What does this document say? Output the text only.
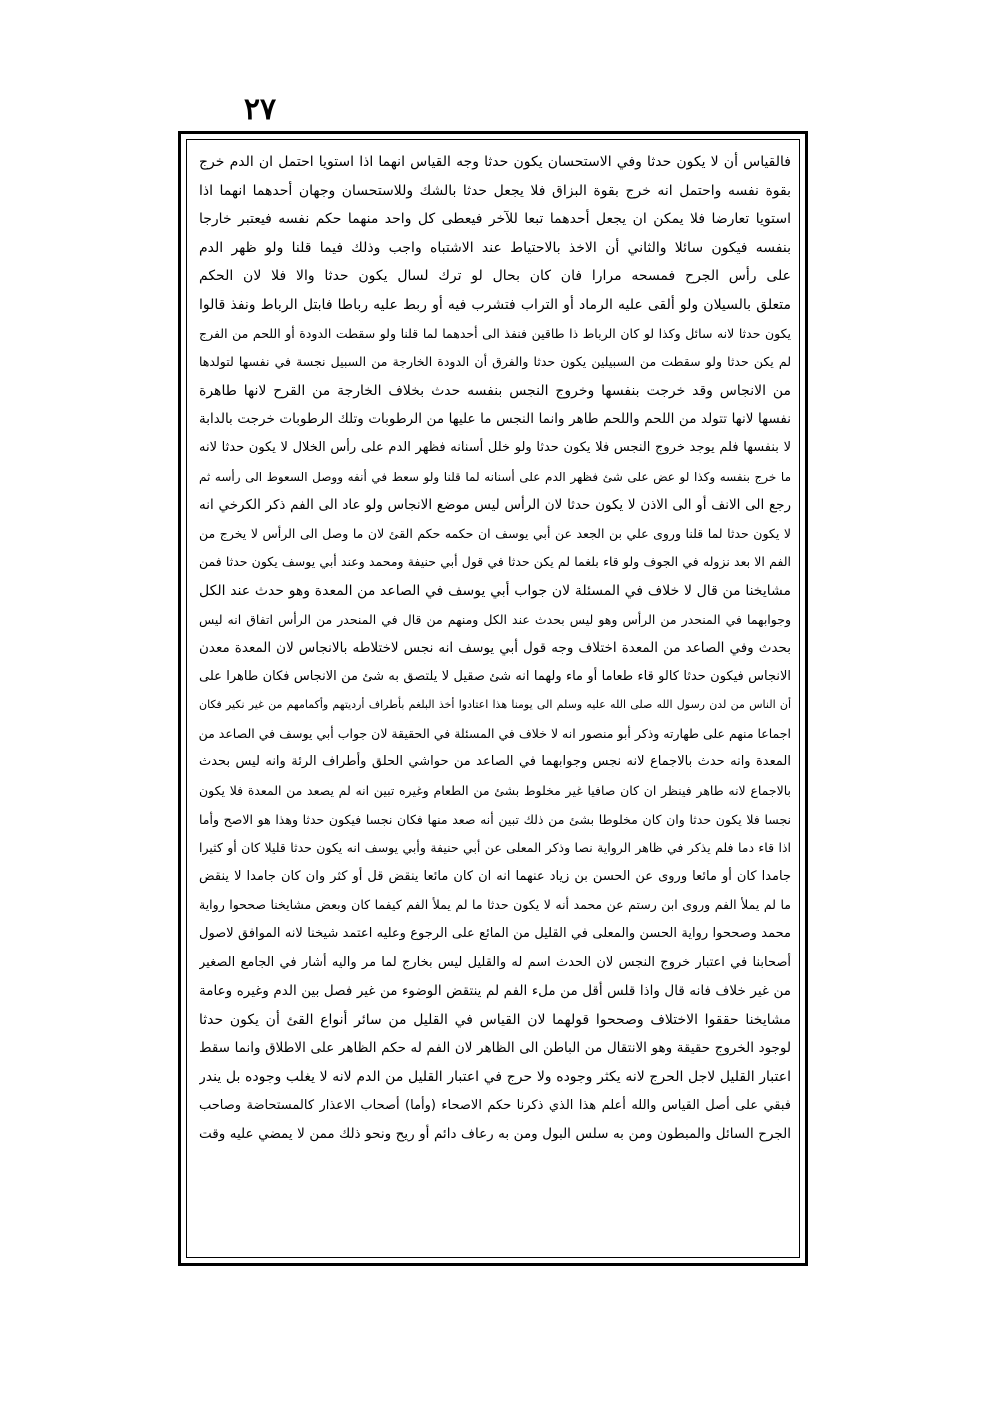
٢٧
فالقياس أن لا يكون حدثا وفي الاستحسان يكون حدثا وجه القياس انهما اذا استويا احتمل ان الدم خرج
بقوة نفسه واحتمل انه خرج بقوة البزاق فلا يجعل حدثا بالشك وللاستحسان وجهان أحدهما انهما اذا
استويا تعارضا فلا يمكن ان يجعل أحدهما تبعا للآخر فيعطى كل واحد منهما حكم نفسه فيعتبر خارجا
بنفسه فيكون سائلا والثاني أن الاخذ بالاحتياط عند الاشتباه واجب وذلك فيما قلنا ولو ظهر الدم
على رأس الجرح فمسحه مرارا فان كان بحال لو ترك لسال يكون حدثا والا فلا لان الحكم
متعلق بالسيلان ولو ألقى عليه الرماد أو التراب فتشرب فيه أو ربط عليه رباطا فابتل الرباط ونفذ قالوا
يكون حدثا لانه سائل وكذا لو كان الرباط ذا طاقين فنفذ الى أحدهما لما قلنا ولو سقطت الدودة أو اللحم من الفرج
لم يكن حدثا ولو سقطت من السبيلين يكون حدثا والفرق أن الدودة الخارجة من السبيل نجسة في نفسها لتولدها
من الانجاس وقد خرجت بنفسها وخروج النجس بنفسه حدث بخلاف الخارجة من القرح لانها طاهرة
نفسها لانها تتولد من اللحم واللحم طاهر وانما النجس ما عليها من الرطوبات وتلك الرطوبات خرجت بالدابة
لا بنفسها فلم يوجد خروج النجس فلا يكون حدثا ولو خلل أسنانه فظهر الدم على رأس الخلال لا يكون حدثا لانه
ما خرج بنفسه وكذا لو عض على شئ فظهر الدم على أسنانه لما قلنا ولو سعط في أنفه ووصل السعوط الى رأسه ثم
رجع الى الانف أو الى الاذن لا يكون حدثا لان الرأس ليس موضع الانجاس ولو عاد الى الفم ذكر الكرخي انه
لا يكون حدثا لما قلنا وروى علي بن الجعد عن أبي يوسف ان حكمه حكم القئ لان ما وصل الى الرأس لا يخرج من
الفم الا بعد نزوله في الجوف ولو قاء بلغما لم يكن حدثا في قول أبي حنيفة ومحمد وعند أبي يوسف يكون حدثا فمن
مشايخنا من قال لا خلاف في المسئلة لان جواب أبي يوسف في الصاعد من المعدة وهو حدث عند الكل
وجوابهما في المنحدر من الرأس وهو ليس بحدث عند الكل ومنهم من قال في المنحدر من الرأس اتفاق انه ليس
بحدث وفي الصاعد من المعدة اختلاف وجه قول أبي يوسف انه نجس لاختلاطه بالانجاس لان المعدة معدن
الانجاس فيكون حدثا كالو قاء طعاما أو ماء ولهما انه شئ صقيل لا يلتصق به شئ من الانجاس فكان طاهرا على
أن الناس من لدن رسول الله صلى الله عليه وسلم الى يومنا هذا اعتادوا أخذ البلغم بأطراف أرديتهم وأكمامهم من غير نكير فكان
اجماعا منهم على طهارته وذكر أبو منصور انه لا خلاف في المسئلة في الحقيقة لان جواب أبي يوسف في الصاعد من
المعدة وانه حدث بالاجماع لانه نجس وجوابهما في الصاعد من حواشي الحلق وأطراف الرئة وانه ليس بحدث
بالاجماع لانه طاهر فينظر ان كان صافيا غير مخلوط بشئ من الطعام وغيره تبين انه لم يصعد من المعدة فلا يكون
نجسا فلا يكون حدثا وان كان مخلوطا بشئ من ذلك تبين أنه صعد منها فكان نجسا فيكون حدثا وهذا هو الاصح وأما
اذا قاء دما فلم يذكر في ظاهر الرواية نصا وذكر المعلى عن أبي حنيفة وأبي يوسف انه يكون حدثا قليلا كان أو كثيرا
جامدا كان أو مائعا وروى عن الحسن بن زياد عنهما انه ان كان مائعا ينقض قل أو كثر وان كان جامدا لا ينقض
ما لم يملأ الفم وروى ابن رستم عن محمد أنه لا يكون حدثا ما لم يملأ الفم كيفما كان وبعض مشايخنا صححوا رواية
محمد وصححوا رواية الحسن والمعلى في القليل من المائع على الرجوع وعليه اعتمد شيخنا لانه الموافق لاصول
أصحابنا في اعتبار خروج النجس لان الحدث اسم له والقليل ليس بخارج لما مر واليه أشار في الجامع الصغير
من غير خلاف فانه قال واذا قلس أقل من ملء الفم لم ينتقض الوضوء من غير فصل بين الدم وغيره وعامة
مشايخنا حققوا الاختلاف وصححوا قولهما لان القياس في القليل من سائر أنواع القئ أن يكون حدثا
لوجود الخروج حقيقة وهو الانتقال من الباطن الى الظاهر لان الفم له حكم الظاهر على الاطلاق وانما سقط
اعتبار القليل لاجل الحرج لانه يكثر وجوده ولا حرج في اعتبار القليل من الدم لانه لا يغلب وجوده بل يندر
فبقي على أصل القياس والله أعلم هذا الذي ذكرنا حكم الاصحاء (وأما) أصحاب الاعذار كالمستحاضة وصاحب
الجرح السائل والمبطون ومن به سلس البول ومن به رعاف دائم أو ريح ونحو ذلك ممن لا يمضي عليه وقت
